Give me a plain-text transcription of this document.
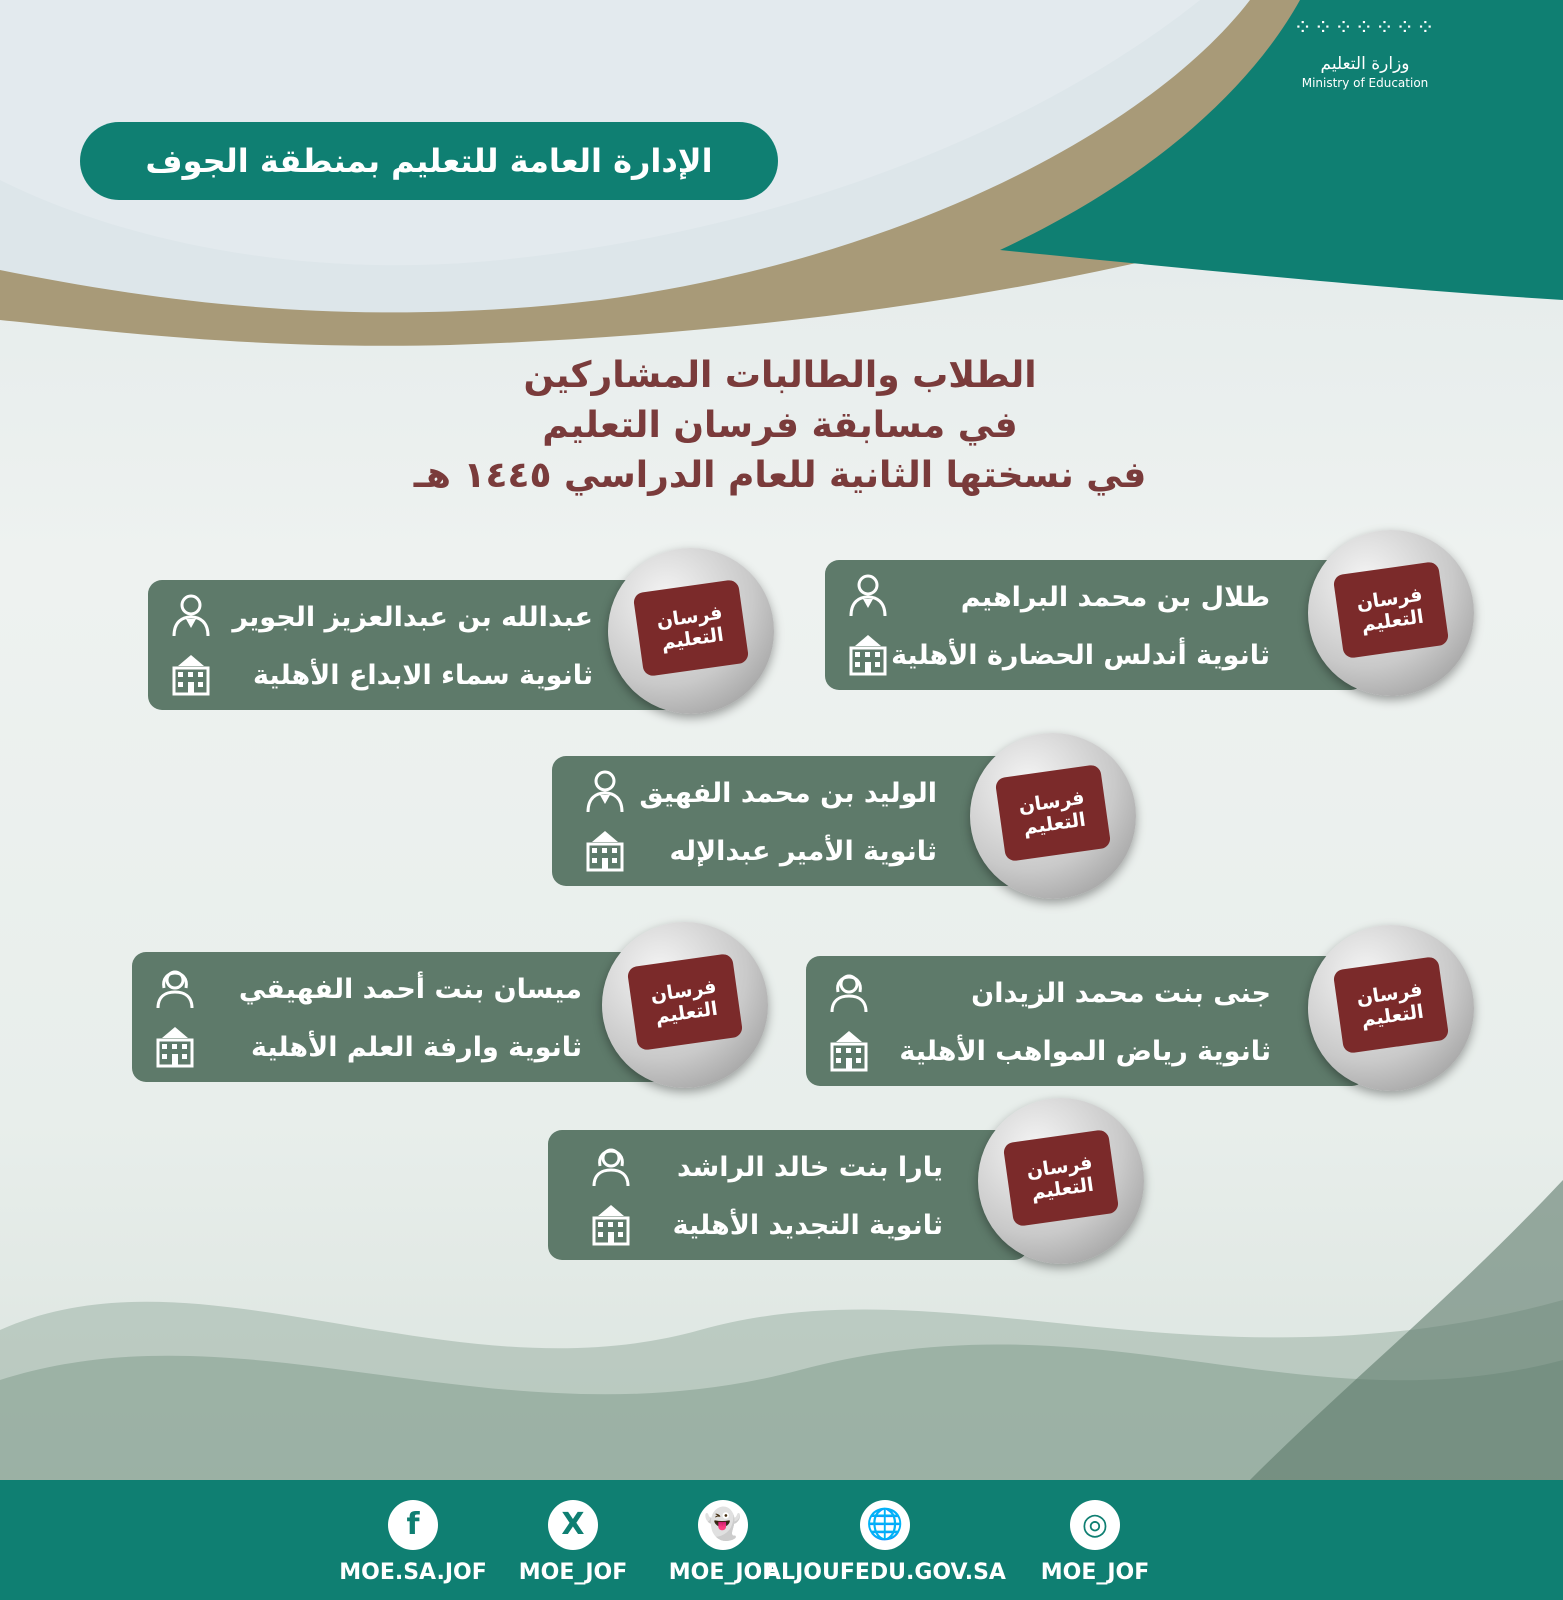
⁘⁘⁘⁘⁘⁘⁘
وزارة التعليم
Ministry of Education
الإدارة العامة للتعليم بمنطقة الجوف
الطلاب والطالبات المشاركين
في مسابقة فرسان التعليم
في نسختها الثانية للعام الدراسي ١٤٤٥ هـ
طلال بن محمد البراهيم
ثانوية أندلس الحضارة الأهلية
فرسان التعليم
عبدالله بن عبدالعزيز الجوير
ثانوية سماء الابداع الأهلية
فرسان التعليم
الوليد بن محمد الفهيق
ثانوية الأمير عبدالإله
فرسان التعليم
جنى بنت محمد الزيدان
ثانوية رياض المواهب الأهلية
فرسان التعليم
ميسان بنت أحمد الفهيقي
ثانوية وارفة العلم الأهلية
فرسان التعليم
يارا بنت خالد الراشد
ثانوية التجديد الأهلية
فرسان التعليم
f
MOE.SA.JOF
X
MOE_JOF
👻
MOE_JOF
🌐
ALJOUFEDU.GOV.SA
◎
MOE_JOF
